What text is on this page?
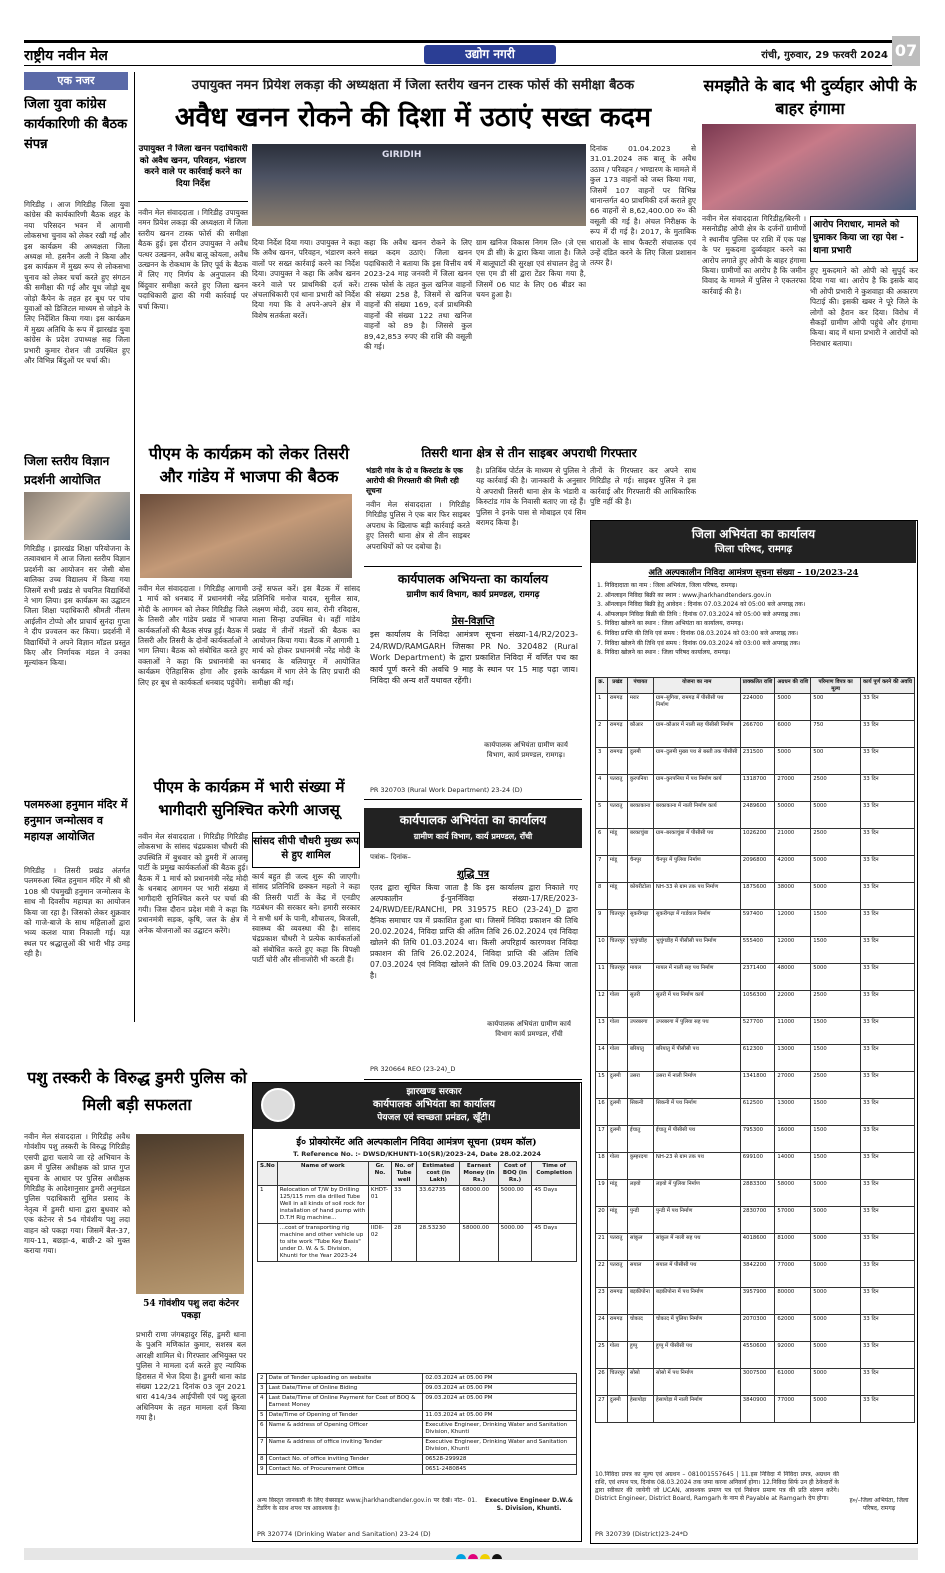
राष्ट्रीय नवीन मेल	उद्योग नगरी	रांची, गुरुवार, 29 फरवरी 2024 07
एक नजर
जिला युवा कांग्रेस कार्यकारिणी की बैठक संपन्न
गिरिडीह । आज गिरिडीह जिला युवा कांग्रेस की कार्यकारिणी बैठक शहर के नया परिसदन भवन में आगामी लोकसभा चुनाव को लेकर रखी गई और इस कार्यक्रम की अध्यक्षता जिला अध्यक्ष मो. हसनैन अली ने किया और इस कार्यक्रम में मुख्य रूप से लोकसभा चुनाव को लेकर चर्चा करते हुए संगठन की समीक्षा की गई और यूथ जोड़ो बूथ जोड़ो कैंपेन के तहत हर बूथ पर पांच युवाओं को डिजिटल माध्यम से जोड़ने के लिए निर्देशित किया गया। इस कार्यक्रम में मुख्य अतिथि के रूप में झारखंड युवा कांग्रेस के प्रदेश उपाध्यक्ष सह जिला प्रभारी कुमार रोशन जी उपस्थित हुए और विभिन्न बिंदुओं पर चर्चा की।
जिला स्तरीय विज्ञान प्रदर्शनी आयोजित
गिरिडीह । झारखंड शिक्षा परियोजना के तत्वावधान में आज जिला स्तरीय विज्ञान प्रदर्शनी का आयोजन सर जेसी बोस बालिका उच्च विद्यालय में किया गया जिसमें सभी प्रखंड से चयनित विद्यार्थियों ने भाग लिया। इस कार्यक्रम का उद्घाटन जिला शिक्षा पदाधिकारी श्रीमती नीलम आईलीन टोप्पो और प्राचार्य सुनंदा गुप्ता ने दीप प्रज्वलन कर किया। प्रदर्शनी में विद्यार्थियों ने अपने विज्ञान मॉडल प्रस्तुत किए और निर्णायक मंडल ने उनका मूल्यांकन किया।
पलमरुआ हनुमान मंदिर में हनुमान जन्मोत्सव व महायज्ञ आयोजित
गिरिडीह । तिसरी प्रखंड अंतर्गत पलमरुआ स्थित हनुमान मंदिर में श्री श्री 108 श्री पंचमुखी हनुमान जन्मोत्सव के साथ नौ दिवसीय महायज्ञ का आयोजन किया जा रहा है। जिसको लेकर शुक्रवार को गाजे-बाजे के साथ महिलाओं द्वारा भव्य कलश यात्रा निकाली गई। यज्ञ स्थल पर श्रद्धालुओं की भारी भीड़ उमड़ रही है।
उपायुक्त नमन प्रियेश लकड़ा की अध्यक्षता में जिला स्तरीय खनन टास्क फोर्स की समीक्षा बैठक
अवैध खनन रोकने की दिशा में उठाएं सख्त कदम
उपायुक्त ने जिला खनन पदाधिकारी को अवैध खनन, परिवहन, भंडारण करने वाले पर कार्रवाई करने का दिया निर्देश
GIRIDIH
नवीन मेल संवाददाता । गिरिडीह उपायुक्त नमन प्रियेश लकड़ा की अध्यक्षता में जिला स्तरीय खनन टास्क फोर्स की समीक्षा बैठक हुई। इस दौरान उपायुक्त ने अवैध पत्थर उत्खनन, अवैध बालू कोयला, अवैध उत्खनन के रोकथाम के लिए पूर्व के बैठक में लिए गए निर्णय के अनुपालन की बिंदुवार समीक्षा करते हुए जिला खनन पदाधिकारी द्वारा की गयी कार्रवाई पर चर्चा किया।
दिया निर्देश दिया गया। उपायुक्त ने कहा कि अवैध खनन, परिवहन, भंडारण करने वालों पर सख्त कार्रवाई करने का निर्देश दिया। उपायुक्त ने कहा कि अवैध खनन करने वाले पर प्राथमिकी दर्ज करें। अंचलाधिकारी एवं थाना प्रभारी को निर्देश दिया गया कि वे अपने-अपने क्षेत्र में विशेष सतर्कता बरतें।
कहा कि अवैध खनन रोकने के लिए सख्त कदम उठाएं। जिला खनन पदाधिकारी ने बताया कि इस वित्तीय वर्ष 2023-24 माह जनवरी में जिला खनन टास्क फोर्स के तहत कुल खनिज वाहनों की संख्या 258 है, जिसमें से खनिज वाहनों की संख्या 169, दर्ज प्राथमिकी वाहनों की संख्या 122 तथा खनिज वाहनों को 89 है। जिससे कुल 89,42,853 रुपए की राशि की वसूली की गई।
ग्राम खनिज विकास निगम लि० (जे एस एम डी सी) के द्वारा किया जाता है। जिले में बालूघाटों की सुरक्षा एवं संचालन हेतु जे एस एम डी सी द्वारा टेंडर किया गया है, जिसमें 06 घाट के लिए 06 बीडर का चयन हुआ है।
दिनांक 01.04.2023 से 31.01.2024 तक बालू के अवैध उठाव / परिवहन / भण्डारण के मामले में कुल 173 वाहनों को जब्त किया गया, जिसमें 107 वाहनों पर विभिन्न थानान्तर्गत 40 प्राथमिकी दर्ज कराते हुए 66 वाहनों से 8,62,400.00 रु० की वसूली की गई है। अंचल निरीक्षक के रूप में दी गई है। 2017, के मुताबिक धाराओं के साथ फैक्टरी संचालक एवं उन्हें दंडित करने के लिए जिला प्रशासन तत्पर है।
पीएम के कार्यक्रम को लेकर तिसरी और गांडेय में भाजपा की बैठक
नवीन मेल संवाददाता । गिरिडीह आगामी 1 मार्च को धनबाद में प्रधानमंत्री नरेंद्र मोदी के आगमन को लेकर गिरिडीह जिले के तिसरी और गांडेय प्रखंड में भाजपा कार्यकर्ताओं की बैठक संपन्न हुई। बैठक में तिसरी और तिसरी के दोनों कार्यकर्ताओं ने भाग लिया। बैठक को संबोधित करते हुए वक्ताओं ने कहा कि प्रधानमंत्री का कार्यक्रम ऐतिहासिक होगा और इसके लिए हर बूथ से कार्यकर्ता धनबाद पहुंचेंगे।
उन्हें सफल करें। इस बैठक में सांसद प्रतिनिधि मनोज यादव, सुनील साव, लक्ष्मण मोदी, उदय साव, रोनी रविदास, माला सिन्हा उपस्थित थे। वहीं गांडेय प्रखंड में तीनों मंडलों की बैठक का आयोजन किया गया। बैठक में आगामी 1 मार्च को होकर प्रधानमंत्री नरेंद्र मोदी के धनबाद के बलियापुर में आयोजित कार्यक्रम में भाग लेने के लिए प्रचारी की समीक्षा की गई।
तिसरी थाना क्षेत्र से तीन साइबर अपराधी गिरफ्तार
भंडारी गांव के दो व किरुटांड के एक आरोपी की गिरफ्तारी की मिली रही सूचना
नवीन मेल संवाददाता । गिरिडीह गिरिडीह पुलिस ने एक बार फिर साइबर अपराध के खिलाफ बड़ी कार्रवाई करते हुए तिसरी थाना क्षेत्र से तीन साइबर अपराधियों को पर दबोचा है।
है। प्रतिबिंब पोर्टल के माध्यम से पुलिस ने यह कार्रवाई की है। जानकारी के अनुसार ये अपराधी तिसरी थाना क्षेत्र के भंडारी व किरुटांड गांव के निवासी बताए जा रहे हैं। पुलिस ने इनके पास से मोबाइल एवं सिम बरामद किया है।
तीनों के गिरफ्तार कर अपने साथ गिरिडीह ले गई। साइबर पुलिस ने इस कार्रवाई और गिरफ्तारी की आधिकारिक पुष्टि नहीं की है।
कार्यपालक अभियन्ता का कार्यालय
ग्रामीण कार्य विभाग, कार्य प्रमण्डल, रामगढ़
प्रेस-विज्ञप्ति
इस कार्यालय के निविदा आमंत्रण सूचना संख्या-14/R2/2023-24/RWD/RAMGARH जिसका PR No. 320482 (Rural Work Department) के द्वारा प्रकाशित निविदा में वर्णित पथ का कार्य पूर्ण करने की अवधि 9 माह के स्थान पर 15 माह पढ़ा जाय। निविदा की अन्य शर्तें यथावत रहेंगी।
कार्यपालक अभियंता ग्रामीण कार्य विभाग, कार्य प्रमण्डल, रामगढ़।
PR 320703 (Rural Work Department) 23-24 (D)
पीएम के कार्यक्रम में भारी संख्या में भागीदारी सुनिश्चित करेगी आजसू
नवीन मेल संवाददाता । गिरिडीह गिरिडीह लोकसभा के सांसद चंद्रप्रकाश चौधरी की उपस्थिति में बुधवार को डुमरी में आजसू पार्टी के प्रमुख कार्यकर्ताओं की बैठक हुई। बैठक में 1 मार्च को प्रधानमंत्री नरेंद्र मोदी के धनबाद आगमन पर भारी संख्या में भागीदारी सुनिश्चित करने पर चर्चा की गयी। जिस दौरान प्रदेश मंत्री ने कहा कि प्रधानमंत्री सड़क, कृषि, जल के क्षेत्र में अनेक योजनाओं का उद्घाटन करेंगे।
सांसद सीपी चौधरी मुख्य रूप से हुए शामिल
कार्य बहुत ही जल्द शुरू की जाएगी। सांसद प्रतिनिधि छक्कन महतो ने कहा की तिसरी पार्टी के केंद्र में एनडीए गठबंधन की सरकार बने। हमारी सरकार ने सभी धर्म के पानी, शौचालय, बिजली, स्वास्थ्य की व्यवस्था की है। सांसद चंद्रप्रकाश चौधरी ने प्रत्येक कार्यकर्ताओं को संबोधित करते हुए कहा कि विपक्षी पार्टी चोरी और सीनाजोरी भी करती हैं।
कार्यपालक अभियंता का कार्यालय
ग्रामीण कार्य विभाग, कार्य प्रमण्डल, राँची
पत्रांक– दिनांक–
शुद्धि पत्र
एतद द्वारा सूचित किया जाता है कि इस कार्यालय द्वारा निकाले गए अल्पकालीन ई-पुनर्निविदा संख्या-17/RE/2023-24/RWD/EE/RANCHI, PR 319575 REO (23-24)_D द्वारा दैनिक समाचार पत्र में प्रकाशित हुआ था। जिसमें निविदा प्रकाशन की तिथि 20.02.2024, निविदा प्राप्ति की अंतिम तिथि 26.02.2024 एवं निविदा खोलने की तिथि 01.03.2024 था। किसी अपरिहार्य कारणवश निविदा प्रकाशन की तिथि 26.02.2024, निविदा प्राप्ति की अंतिम तिथि 07.03.2024 एवं निविदा खोलने की तिथि 09.03.2024 किया जाता है।
कार्यपालक अभियंता ग्रामीण कार्य विभाग कार्य प्रमण्डल, राँची
PR 320664 REO (23-24)_D
पशु तस्करी के विरुद्ध डुमरी पुलिस को मिली बड़ी सफलता
नवीन मेल संवाददाता । गिरिडीह अवैध गोवंशीय पशु तस्करी के विरुद्ध गिरिडीह एसपी द्वारा चलाये जा रहे अभियान के क्रम में पुलिस अधीक्षक को प्राप्त गुप्त सूचना के आधार पर पुलिस अधीक्षक गिरिडीह के आदेशानुसार डुमरी अनुमंडल पुलिस पदाधिकारी सुमित प्रसाद के नेतृत्व में डुमरी थाना द्वारा बुधवार को एक कंटेनर से 54 गोवंशीय पशु लदा वाहन को पकड़ा गया। जिसमें बैल-37, गाय-11, बछड़ा-4, बाछी-2 को मुक्त कराया गया।
54 गोवंशीय पशु लदा कंटेनर पकड़ा
प्रभारी राणा जंगबहादुर सिंह, डुमरी थाना के पुअनि मणिकांत कुमार, सशस्त्र बल आरक्षी शामिल थे। गिरफ्तार अभियुक्त पर पुलिस ने मामला दर्ज करते हुए न्यायिक हिरासत में भेज दिया है। डुमरी थाना कांड संख्या 122/21 दिनांक 03 जून 2021 धारा 414/34 आईपीसी एवं पशु क्रूरता अधिनियम के तहत मामला दर्ज किया गया है।
झारखण्ड सरकार
कार्यपालक अभियंता का कार्यालय
पेयजल एवं स्वच्छता प्रमंडल, खूँटी।
ई० प्रोक्योरमेंट अति अल्पकालीन निविदा आमंत्रण सूचना (प्रथम कॉल)
T. Reference No. :- DWSD/KHUNTI-10(SR)/2023-24, Date 28.02.2024
S.No	Name of work	Gr. No.	No. of Tube well	Estimated cost (in Lakh)	Earnest Money (in Rs.)	Cost of BOQ (in Rs.)	Time of Completion
1	Relocation of T/W by Drilling 125/115 mm dia drilled Tube Well in all kinds of soil rock for installation of hand pump with D.T.H Rig machine...	KHDT-01	33	33.62735	68000.00	5000.00	45 Days
	...cost of transporting rig machine and other vehicle up to site work "Tube Key Basis" under D. W. & S. Division, Khunti for the Year 2023-24	IIDII-02	28	28.53230	58000.00	5000.00	45 Days
2	Date of Tender uploading on website	02.03.2024 at 05.00 PM
3	Last Date/Time of Online Biding	09.03.2024 at 05.00 PM
4	Last Date/Time of Online Payment for Cost of BOQ & Earnest Money	09.03.2024 at 05.00 PM
5	Date/Time of Opening of Tender	11.03.2024 at 05.00 PM
6	Name & address of Opening Officer	Executive Engineer, Drinking Water and Sanitation Division, Khunti
7	Name & address of office inviting Tender	Executive Engineer, Drinking Water and Sanitation Division, Khunti
8	Contact No. of office inviting Tender	06528-299928
9	Contact No. of Procurement Office	0651-2480845
अन्य विस्तृत जानकारी के लिए वेबसाइट www.jharkhandtender.gov.in पर देखें। नोट– 01. टेंडरिंग के साथ शपथ पत्र आवश्यक है।
Executive Engineer D.W.& S. Division, Khunti.
PR 320774 (Drinking Water and Sanitation) 23-24 (D)
समझौते के बाद भी दुर्व्यहार ओपी के बाहर हंगामा
नवीन मेल संवाददाता गिरिडीह/बिरनी । मसनोडीह ओपी क्षेत्र के दर्जनों ग्रामीणों ने स्थानीय पुलिस पर राशि में एक पक्ष के पर मुकदमा दुर्व्यवहार करने का आरोप लगाते हुए ओपी के बाहर हंगामा किया। ग्रामीणों का आरोप है कि जमीन विवाद के मामले में पुलिस ने एकतरफा कार्रवाई की है।
आरोप निराधार, मामले को घुमाकर किया जा रहा पेश - थाना प्रभारी
हुए मुकदमाने को ओपी को सुपुर्द कर दिया गया था। आरोप है कि इसके बाद भी ओपी प्रभारी ने कुशवाहा की अकारण पिटाई की। इसकी खबर ने पूरे जिले के लोगों को हैरान कर दिया। विरोध में सैकड़ों ग्रामीण ओपी पहुंचे और हंगामा किया। बाद में थाना प्रभारी ने आरोपों को निराधार बताया।
जिला अभियंता का कार्यालय
जिला परिषद, रामगढ़
अति अल्पकालीन निविदा आमंत्रण सूचना संख्या – 10/2023-24
1. निविदादाता का नाम : जिला अभियंता, जिला परिषद, रामगढ़।
2. ऑनलाइन निविदा बिक्री का स्थान : www.jharkhandtenders.gov.in
3. ऑनलाइन निविदा बिक्री हेतु आवेदन : दिनांक 07.03.2024 को 05:00 बजे अपराह्न तक।
4. ऑफलाइन निविदा बिक्री की तिथि : दिनांक 07.03.2024 को 05:00 बजे अपराह्न तक।
5. निविदा खोलने का स्थान : जिला अभियंता का कार्यालय, रामगढ़।
6. निविदा प्राप्ति की तिथि एवं समय : दिनांक 08.03.2024 को 03:00 बजे अपराह्न तक।
7. निविदा खोलने की तिथि एवं समय : दिनांक 09.03.2024 को 03:00 बजे अपराह्न तक।
8. निविदा खोलने का स्थान : जिला परिषद कार्यालय, रामगढ़।
क्र.	प्रखंड	पंचायत	योजना का नाम	प्राक्कलित राशि	अग्रधन की राशि	परिमाण विपत्र का मूल्य	कार्य पूर्ण करने की अवधि
1	रामगढ़	मरार	ग्राम–सुगिया, रामगढ़ में पीसीसी पथ निर्माण	224000	5000	500	33 दिन
2	रामगढ़	कौआर	ग्राम–कौआर में नाली सह पीसीसी निर्माण	266700	6000	750	33 दिन
3	रामगढ़	दुलमी	ग्राम–दुलमी मुख्य पथ से बस्ती तक पीसीसी	231500	5000	500	33 दिन
4	पतरातु	कुरपनिया	ग्राम–कुरपनिया में पथ निर्माण कार्य	1318700	27000	2500	33 दिन
5	पतरातु	बरकाकाना	बरकाकाना में नाली निर्माण कार्य	2489600	50000	5000	33 दिन
6	मांडू	बरकाचुंबा	ग्राम–बरकाचुंबा में पीसीसी पथ	1026200	21000	2500	33 दिन
7	मांडू	चैनपुर	चैनपुर में पुलिया निर्माण	2096800	42000	5000	33 दिन
8	मांडू	कोयरीटोला	NH-33 से ग्राम तक पथ निर्माण	1875600	38000	5000	33 दिन
9	चितरपुर	सुकरीगढ़ा	सुकरीगढ़ा में गार्डवाल निर्माण	597400	12000	1500	33 दिन
10	चितरपुर	भुचुंगडीह	भुचुंगडीह में पीसीसी पथ निर्माण	555400	12000	1500	33 दिन
11	चितरपुर	मायल	मायल में नाली सह पथ निर्माण	2371400	48000	5000	33 दिन
12	गोला	सुतरी	सुतरी में पथ निर्माण कार्य	1056300	22000	2500	33 दिन
13	गोला	उपरबरगा	उपरबरगा में पुलिया सह पथ	527700	11000	1500	33 दिन
14	गोला	बरियातु	बरियातु में पीसीसी पथ	612300	13000	1500	33 दिन
15	दुलमी	उसरा	उसरा में नाली निर्माण	1341800	27000	2500	33 दिन
16	दुलमी	सिकनी	सिकनी में पथ निर्माण	612500	13000	1500	33 दिन
17	दुलमी	ईचातु	ईचातु में पीसीसी पथ	795300	16000	1500	33 दिन
18	गोला	कुम्हरदगा	NH-23 से ग्राम तक पथ	699100	14000	1500	33 दिन
19	मांडू	लइयो	लइयो में पुलिया निर्माण	2883300	58000	5000	33 दिन
20	मांडू	पुन्डी	पुन्डी में पथ निर्माण	2830700	57000	5000	33 दिन
21	पतरातु	सांकुल	सांकुल में नाली सह पथ	4018600	81000	5000	33 दिन
22	पतरातु	सयाल	सयाल में पीसीसी पथ	3842200	77000	5000	33 दिन
23	रामगढ़	बड़कीपोना	बड़कीपोना में पथ निर्माण	3957900	80000	5000	33 दिन
24	रामगढ़	चोकाद	चोकाद में पुलिया निर्माण	2070300	62000	5000	33 दिन
25	गोला	हुप्पु	हुप्पु में पीसीसी पथ	4550600	92000	5000	33 दिन
26	चितरपुर	सोसो	सोसो में पथ निर्माण	3007500	61000	5000	33 दिन
27	दुलमी	हेसापोड़ा	हेसापोड़ा में नाली निर्माण	3840900	77000	5000	33 दिन
10.निविदा प्रपत्र का मूल्य एवं अग्रधन – 081001557645 | 11.इस निविदा में निविदा प्रपत्र, अग्रधन की राशि, एवं शपथ पत्र, दिनांक 08.03.2024 तक जमा करना अनिवार्य होगा। 12.निविदा सिर्फ उन ही ठेकेदारों के द्वारा स्वीकार की जायेगी जो UCAN, आवश्यक प्रमाण पत्र एवं निबंधन प्रमाण पत्र की प्रति संलग्न करेंगे। District Engineer, District Board, Ramgarh के नाम से Payable at Ramgarh देय होगा।	ह०/–जिला अभियंता, जिला परिषद, रामगढ़
PR 320739 (District)23-24*D
